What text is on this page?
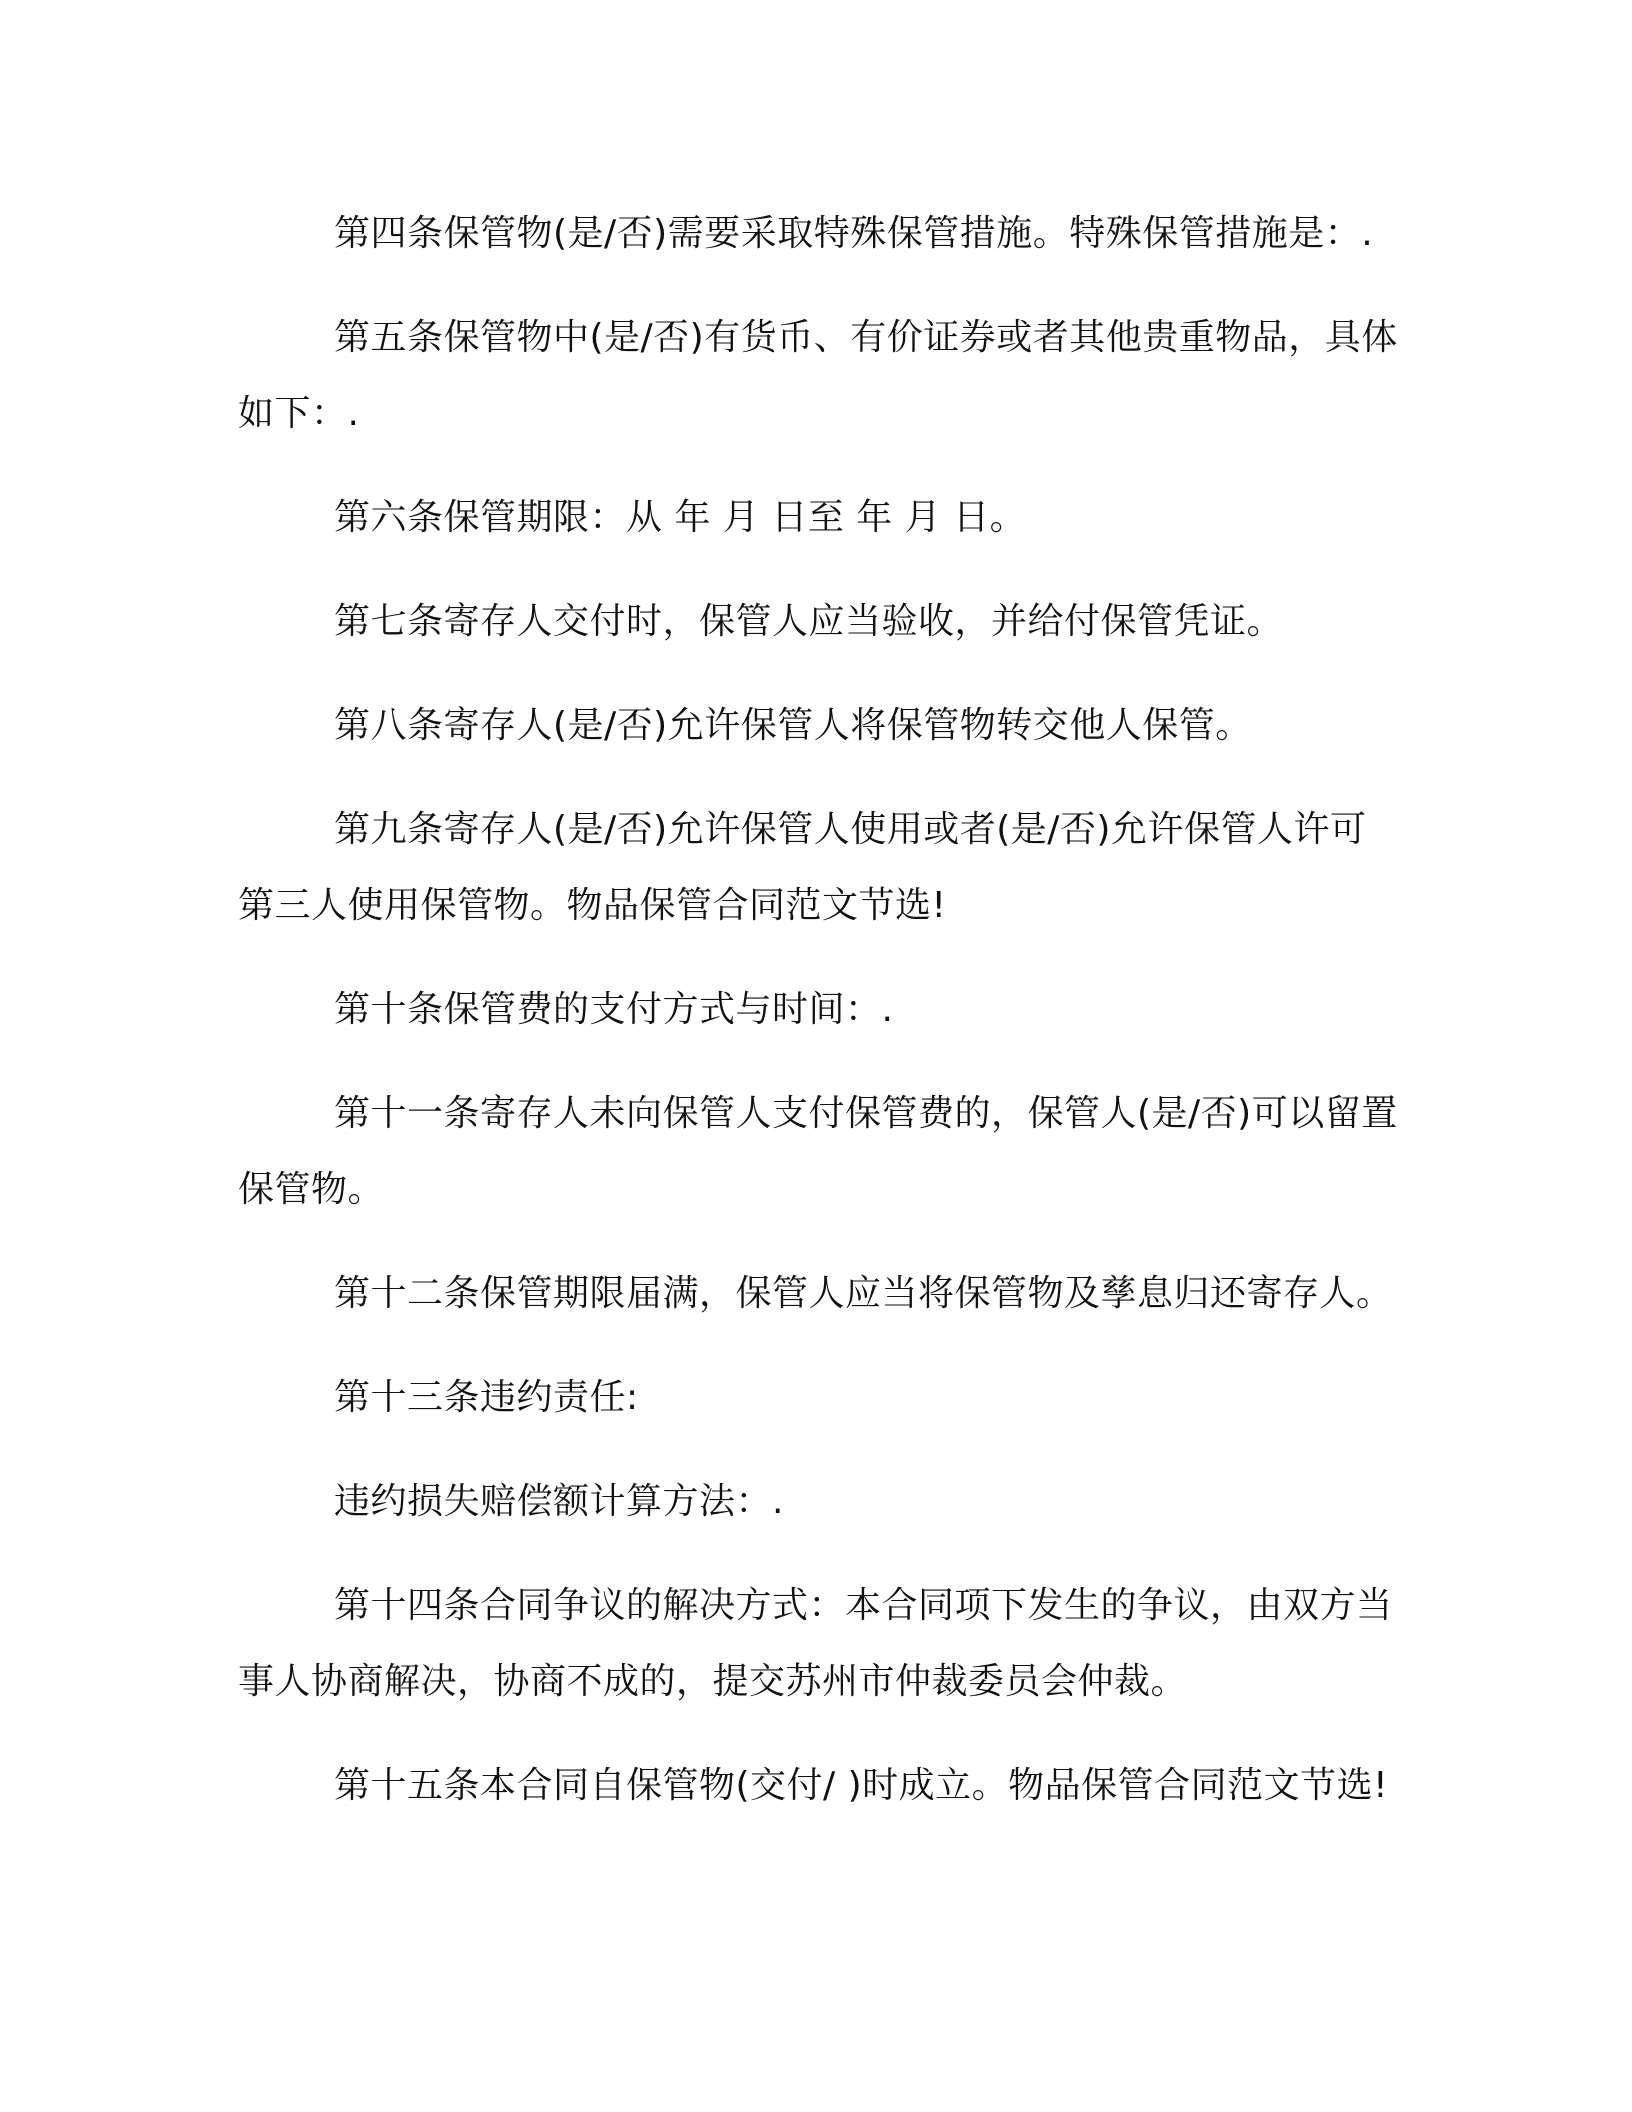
第四条保管物(是/否)需要采取特殊保管措施。特殊保管措施是：.

第五条保管物中(是/否)有货币、有价证券或者其他贵重物品，具体如下：.

第六条保管期限：从 年 月 日至 年 月 日。

第七条寄存人交付时，保管人应当验收，并给付保管凭证。

第八条寄存人(是/否)允许保管人将保管物转交他人保管。

第九条寄存人(是/否)允许保管人使用或者(是/否)允许保管人许可第三人使用保管物。物品保管合同范文节选!

第十条保管费的支付方式与时间：.

第十一条寄存人未向保管人支付保管费的，保管人(是/否)可以留置保管物。

第十二条保管期限届满，保管人应当将保管物及孳息归还寄存人。

第十三条违约责任:

违约损失赔偿额计算方法：.

第十四条合同争议的解决方式：本合同项下发生的争议，由双方当事人协商解决，协商不成的，提交苏州市仲裁委员会仲裁。

第十五条本合同自保管物(交付/ )时成立。物品保管合同范文节选!
